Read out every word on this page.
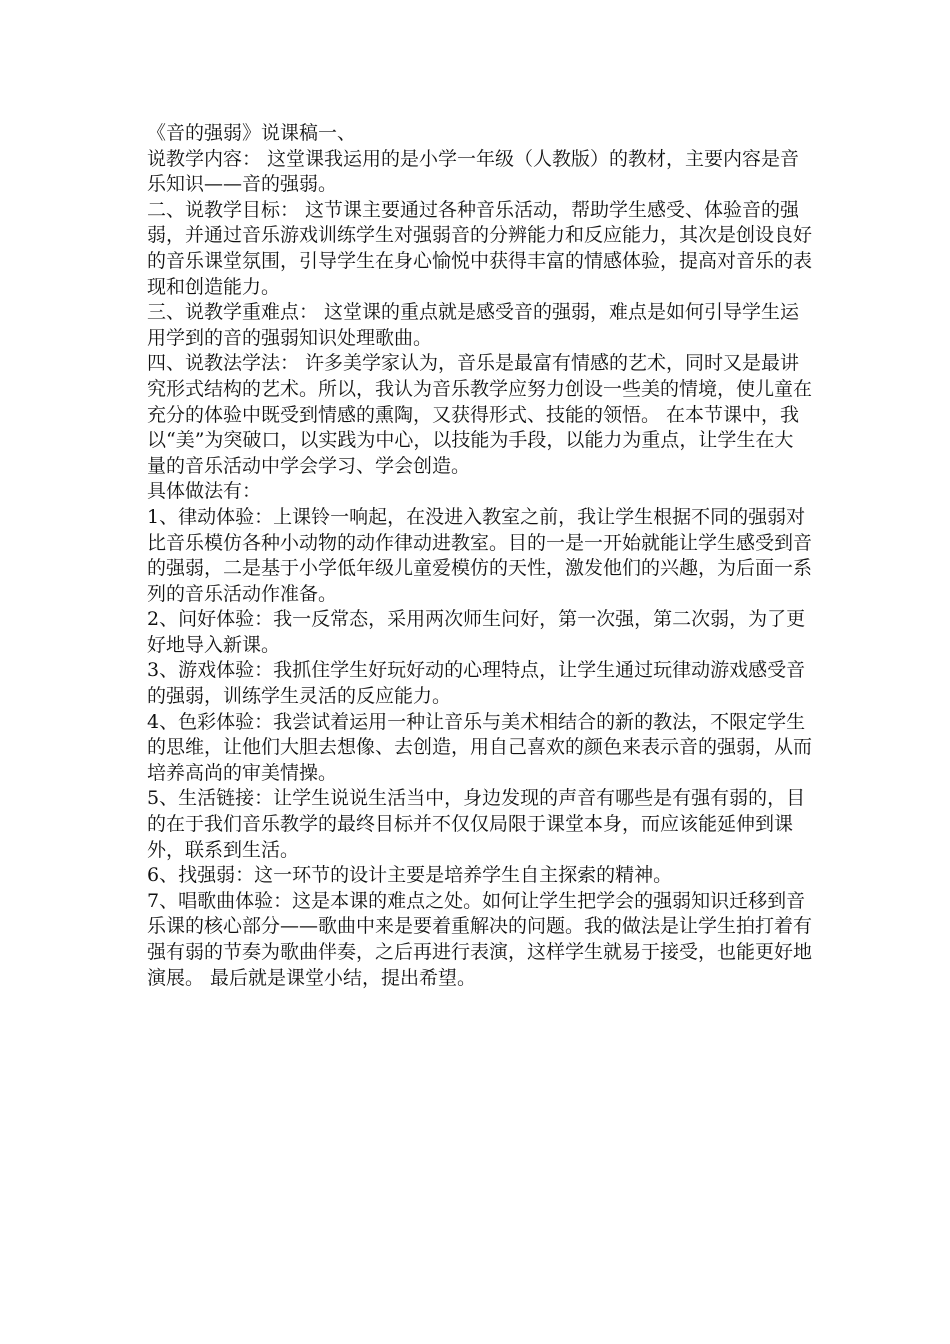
《音的强弱》说课稿一、

说教学内容： 这堂课我运用的是小学一年级（人教版）的教材，主要内容是音乐知识——音的强弱。

二、说教学目标： 这节课主要通过各种音乐活动，帮助学生感受、体验音的强弱，并通过音乐游戏训练学生对强弱音的分辨能力和反应能力，其次是创设良好的音乐课堂氛围，引导学生在身心愉悦中获得丰富的情感体验，提高对音乐的表现和创造能力。

三、说教学重难点： 这堂课的重点就是感受音的强弱，难点是如何引导学生运用学到的音的强弱知识处理歌曲。

四、说教法学法： 许多美学家认为，音乐是最富有情感的艺术，同时又是最讲究形式结构的艺术。所以，我认为音乐教学应努力创设一些美的情境，使儿童在充分的体验中既受到情感的熏陶，又获得形式、技能的领悟。 在本节课中，我以“美”为突破口，以实践为中心，以技能为手段，以能力为重点，让学生在大量的音乐活动中学会学习、学会创造。

具体做法有：

1、律动体验：上课铃一响起，在没进入教室之前，我让学生根据不同的强弱对比音乐模仿各种小动物的动作律动进教室。目的一是一开始就能让学生感受到音的强弱，二是基于小学低年级儿童爱模仿的天性，激发他们的兴趣，为后面一系列的音乐活动作准备。

2、问好体验：我一反常态，采用两次师生问好，第一次强，第二次弱，为了更好地导入新课。

3、游戏体验：我抓住学生好玩好动的心理特点，让学生通过玩律动游戏感受音的强弱，训练学生灵活的反应能力。

4、色彩体验：我尝试着运用一种让音乐与美术相结合的新的教法，不限定学生的思维，让他们大胆去想像、去创造，用自己喜欢的颜色来表示音的强弱，从而培养高尚的审美情操。

5、生活链接：让学生说说生活当中，身边发现的声音有哪些是有强有弱的，目的在于我们音乐教学的最终目标并不仅仅局限于课堂本身，而应该能延伸到课外，联系到生活。

6、找强弱：这一环节的设计主要是培养学生自主探索的精神。

7、唱歌曲体验：这是本课的难点之处。如何让学生把学会的强弱知识迁移到音乐课的核心部分——歌曲中来是要着重解决的问题。我的做法是让学生拍打着有强有弱的节奏为歌曲伴奏，之后再进行表演，这样学生就易于接受，也能更好地演展。 最后就是课堂小结，提出希望。
